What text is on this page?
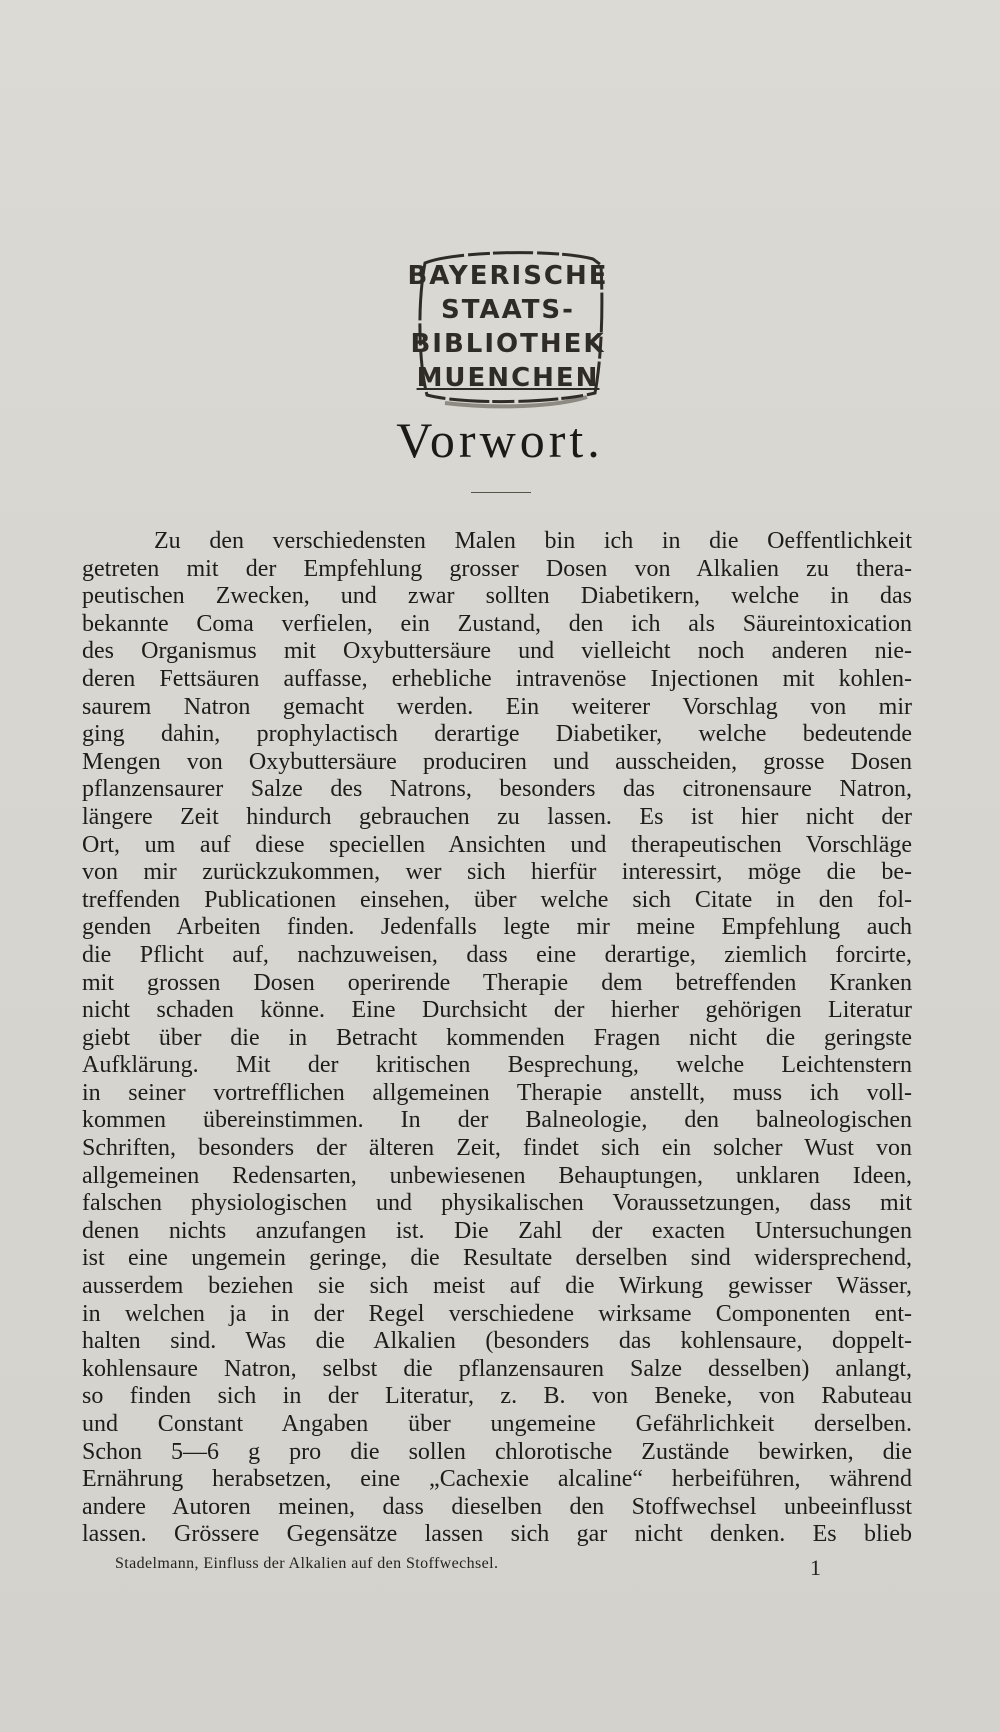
BAYERISCHE
STAATS-
BIBLIOTHEK
MUENCHEN
Vorwort.
Zu den verschiedensten Malen bin ich in die Oeffentlichkeit
getreten mit der Empfehlung grosser Dosen von Alkalien zu thera-
peutischen Zwecken, und zwar sollten Diabetikern, welche in das
bekannte Coma verfielen, ein Zustand, den ich als Säureintoxication
des Organismus mit Oxybuttersäure und vielleicht noch anderen nie-
deren Fettsäuren auffasse, erhebliche intravenöse Injectionen mit kohlen-
saurem Natron gemacht werden. Ein weiterer Vorschlag von mir
ging dahin, prophylactisch derartige Diabetiker, welche bedeutende
Mengen von Oxybuttersäure produciren und ausscheiden, grosse Dosen
pflanzensaurer Salze des Natrons, besonders das citronensaure Natron,
längere Zeit hindurch gebrauchen zu lassen. Es ist hier nicht der
Ort, um auf diese speciellen Ansichten und therapeutischen Vorschläge
von mir zurückzukommen, wer sich hierfür interessirt, möge die be-
treffenden Publicationen einsehen, über welche sich Citate in den fol-
genden Arbeiten finden. Jedenfalls legte mir meine Empfehlung auch
die Pflicht auf, nachzuweisen, dass eine derartige, ziemlich forcirte,
mit grossen Dosen operirende Therapie dem betreffenden Kranken
nicht schaden könne. Eine Durchsicht der hierher gehörigen Literatur
giebt über die in Betracht kommenden Fragen nicht die geringste
Aufklärung. Mit der kritischen Besprechung, welche Leichtenstern
in seiner vortrefflichen allgemeinen Therapie anstellt, muss ich voll-
kommen übereinstimmen. In der Balneologie, den balneologischen
Schriften, besonders der älteren Zeit, findet sich ein solcher Wust von
allgemeinen Redensarten, unbewiesenen Behauptungen, unklaren Ideen,
falschen physiologischen und physikalischen Voraussetzungen, dass mit
denen nichts anzufangen ist. Die Zahl der exacten Untersuchungen
ist eine ungemein geringe, die Resultate derselben sind widersprechend,
ausserdem beziehen sie sich meist auf die Wirkung gewisser Wässer,
in welchen ja in der Regel verschiedene wirksame Componenten ent-
halten sind. Was die Alkalien (besonders das kohlensaure, doppelt-
kohlensaure Natron, selbst die pflanzensauren Salze desselben) anlangt,
so finden sich in der Literatur, z. B. von Beneke, von Rabuteau
und Constant Angaben über ungemeine Gefährlichkeit derselben.
Schon 5—6 g pro die sollen chlorotische Zustände bewirken, die
Ernährung herabsetzen, eine „Cachexie alcaline“ herbeiführen, während
andere Autoren meinen, dass dieselben den Stoffwechsel unbeeinflusst
lassen. Grössere Gegensätze lassen sich gar nicht denken. Es blieb
Stadelmann, Einfluss der Alkalien auf den Stoffwechsel.	1
